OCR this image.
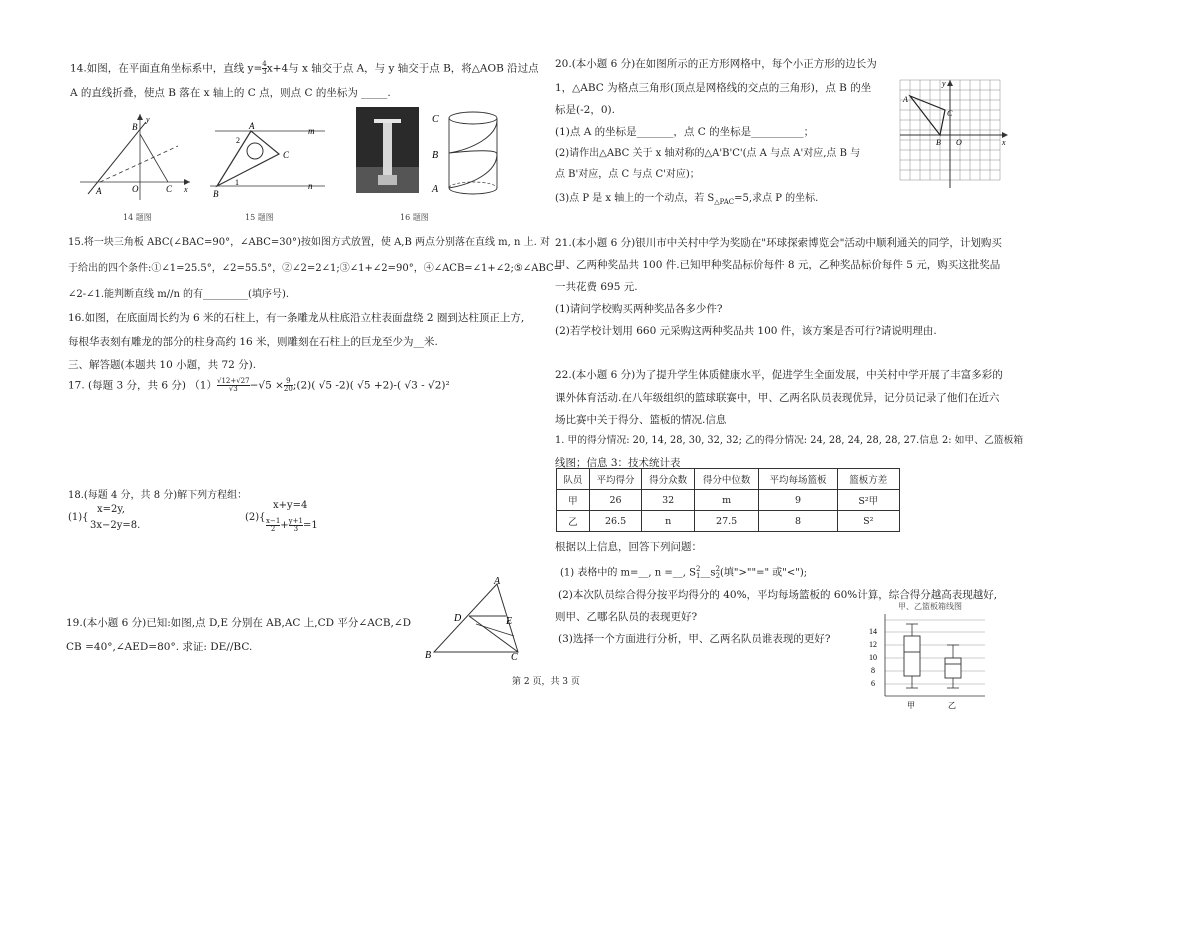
14.如图，在平面直角坐标系中，直线 $y= \frac{4}{3} x+4$与 x 轴交于点 A，与 y 轴交于点 B，将△AOB 沿过点
A 的直线折叠，使点 B 落在 x 轴上的 C 点，则点 C 的坐标为 _____.
B
y
A	O	C x
A
B
C
m
n
1
2
C
B
A
14 题图	15 题图	16 题图
15.将一块三角板 ABC(∠BAC=90°，∠ABC=30°)按如图方式放置，使 A,B 两点分别落在直线 m, n 上. 对
于给出的四个条件:①∠1=25.5°，∠2=55.5°，②∠2=2∠1;③∠1+∠2=90°，④∠ACB=∠1+∠2;⑤∠ABC=
∠2-∠1.能判断直线 m//n 的有_________(填序号).
16.如图，在底面周长约为 6 米的石柱上，有一条雕龙从柱底沿立柱表面盘绕 2 圈到达柱顶正上方,
每根华表刻有雕龙的部分的柱身高约 16 米，则雕刻在石柱上的巨龙至少为__米.
三、解答题(本题共 10 小题，共 72 分).
17. (每题 3 分，共 6 分) $(1) \frac{√12+√27}{√3} -√5 \times \frac{9}{20}$ ;(2)( √5 -2)( √5 +2)-( √3 - √2)²
18.(每题 4 分，共 8 分)解下列方程组：
(1){
x=2y,
3x−2y=8.
(2){
x+y=4
$\frac{x-1}{2} + \frac{y+1}{3} =1$
19.(本小题 6 分)已知:如图,点 D,E 分别在 AB,AC 上,CD 平分∠ACB,∠D
CB =40°,∠AED=80°. 求证: DE//BC.
A
B	C
D	E
第 2 页，共 3 页
20.(本小题 6 分)在如图所示的正方形网格中，每个小正方形的边长为
1，△ABC 为格点三角形(顶点是网格线的交点的三角形)，点 B 的坐
标是(-2，0).
(1)点 A 的坐标是_______，点 C 的坐标是__________；
(2)请作出△ABC 关于 x 轴对称的△A'B'C'(点 A 与点 A'对应,点 B 与
点 B'对应，点 C 与点 C'对应)；
(3)点 P 是 x 轴上的一个动点，若 $S_{\triangle PAC}=5$,求点 P 的坐标.
A
B
C
O	x
y
21.(本小题 6 分)银川市中关村中学为奖励在"环球探索博览会"活动中顺利通关的同学，计划购买
甲、乙两种奖品共 100 件.已知甲种奖品标价每件 8 元，乙种奖品标价每件 5 元，购买这批奖品
一共花费 695 元.
(1)请问学校购买两种奖品各多少件?
(2)若学校计划用 660 元采购这两种奖品共 100 件，该方案是否可行?请说明理由.
22.(本小题 6 分)为了提升学生体质健康水平，促进学生全面发展，中关村中学开展了丰富多彩的
课外体育活动.在八年级组织的篮球联赛中，甲、乙两名队员表现优异，记分员记录了他们在近六
场比赛中关于得分、篮板的情况.信息
1. 甲的得分情况: 20, 14, 28, 30, 32, 32; 乙的得分情况: 24, 28, 24, 28, 28, 27.信息 2: 如甲、乙篮板箱
线图；信息 3：技术统计表
队员	平均得分	得分众数	得分中位数	平均每场篮板	篮板方差
甲	26	32	m	9	S²甲
乙	26.5	n	27.5	8	S²
根据以上信息，回答下列问题：
(1) 表格中的 m=__, n =__, S 2
1 __s 2
2 (填">""=" 或"<");
(2)本次队员综合得分按平均得分的 40%，平均每场篮板的 60%计算，综合得分越高表现越好,
则甲、乙哪名队员的表现更好?
(3)选择一个方面进行分析，甲、乙两名队员谁表现的更好?
甲、乙篮板箱线图
14
12
10
8
6
甲	乙
